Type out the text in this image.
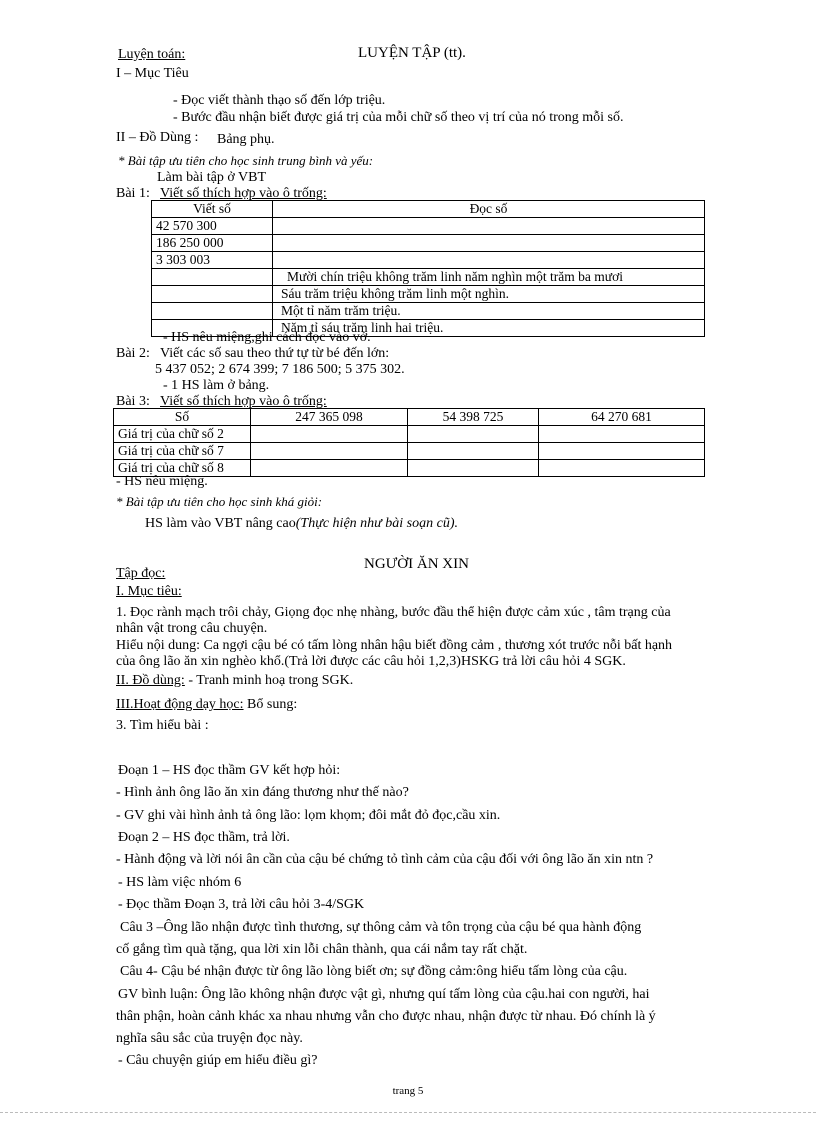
Luyện toán:	LUYỆN TẬP (tt).
I – Mục Tiêu
- Đọc viết thành thạo số đến lớp triệu.
- Bước đầu nhận biết được giá trị của mỗi chữ số theo vị trí của nó trong mỗi số.
II – Đồ Dùng : Bảng phụ.
* Bài tập ưu tiên cho học sinh trung bình và yếu:
Làm bài tập ở VBT
Bài 1: Viết số thích hợp vào ô trống:
Viết số	Đọc số
42 570 300	
186 250 000	
3 303 003	
	Mười chín triệu không trăm linh năm nghìn một trăm ba mươi
	Sáu trăm triệu không trăm linh một nghìn.
	Một tỉ năm trăm triệu.
	Năm tỉ sáu trăm linh hai triệu.
- HS nêu miệng,ghi cách đọc vào vở.
Bài 2: Viết các số sau theo thứ tự từ bé đến lớn:
5 437 052; 2 674 399; 7 186 500; 5 375 302.
- 1 HS làm ở bảng.
Bài 3: Viết số thích hợp vào ô trống:
Số	247 365 098	54 398 725	64 270 681
Giá trị của chữ số 2			
Giá trị của chữ số 7			
Giá trị của chữ số 8			
- HS nêu miệng.
* Bài tập ưu tiên cho học sinh khá giỏi:
HS làm vào VBT nâng cao(Thực hiện như bài soạn cũ).
NGƯỜI ĂN XIN
Tập đọc:
I. Mục tiêu:
1. Đọc rành mạch trôi chảy, Giọng đọc nhẹ nhàng, bước đầu thể hiện được cảm xúc , tâm trạng của
nhân vật trong câu chuyện.
Hiểu nội dung: Ca ngợi cậu bé có tấm lòng nhân hậu biết đồng cảm , thương xót trước nỗi bất hạnh
của ông lão ăn xin nghèo khổ.(Trả lời được các câu hỏi 1,2,3)HSKG trả lời câu hỏi 4 SGK.
II. Đồ dùng: - Tranh minh hoạ trong SGK.
III.Hoạt động dạy học: Bổ sung:
3. Tìm hiểu bài :
Đoạn 1 – HS đọc thầm GV kết hợp hỏi:
- Hình ảnh ông lão ăn xin đáng thương như thế nào?
- GV ghi vài hình ảnh tả ông lão: lọm khọm; đôi mắt đỏ đọc,cầu xin.
Đoạn 2 – HS đọc thầm, trả lời.
- Hành động và lời nói ân cần của cậu bé chứng tỏ tình cảm của cậu đối với ông lão ăn xin ntn ?
- HS làm việc nhóm 6
- Đọc thầm Đoạn 3, trả lời câu hỏi 3-4/SGK
Câu 3 –Ông lão nhận được tình thương, sự thông cảm và tôn trọng của cậu bé qua hành động
cố gắng tìm quà tặng, qua lời xin lỗi chân thành, qua cái nắm tay rất chặt.
Câu 4- Cậu bé nhận được từ ông lão lòng biết ơn; sự đồng cảm:ông hiểu tấm lòng của cậu.
GV bình luận: Ông lão không nhận được vật gì, nhưng quí tấm lòng của cậu.hai con người, hai
thân phận, hoàn cảnh khác xa nhau nhưng vẫn cho được nhau, nhận được từ nhau. Đó chính là ý
nghĩa sâu sắc của truyện đọc này.
- Câu chuyện giúp em hiểu điều gì?
trang 5
